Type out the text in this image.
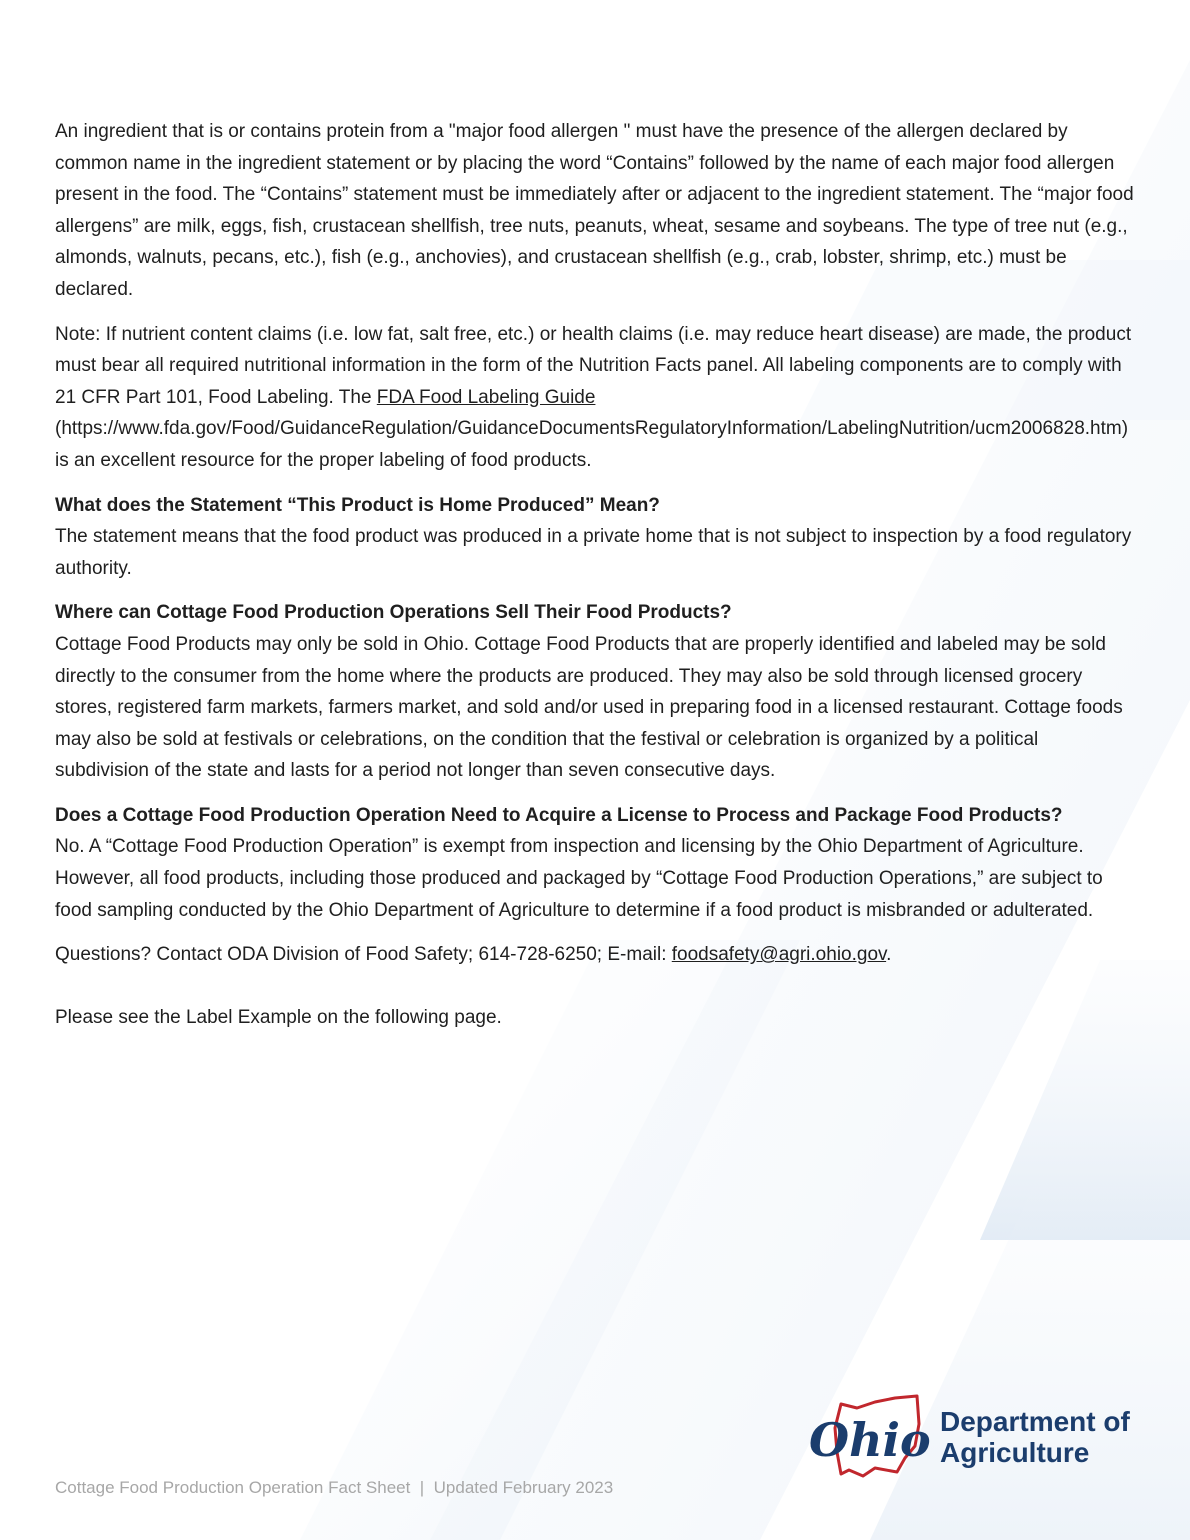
An ingredient that is or contains protein from a "major food allergen " must have the presence of the allergen declared by common name in the ingredient statement or by placing the word “Contains” followed by the name of each major food allergen present in the food. The “Contains” statement must be immediately after or adjacent to the ingredient statement. The “major food allergens” are milk, eggs, fish, crustacean shellfish, tree nuts, peanuts, wheat, sesame and soybeans. The type of tree nut (e.g., almonds, walnuts, pecans, etc.), fish (e.g., anchovies), and crustacean shellfish (e.g., crab, lobster, shrimp, etc.) must be declared.

Note: If nutrient content claims (i.e. low fat, salt free, etc.) or health claims (i.e. may reduce heart disease) are made, the product must bear all required nutritional information in the form of the Nutrition Facts panel. All labeling components are to comply with 21 CFR Part 101, Food Labeling. The FDA Food Labeling Guide (https://www.fda.gov/Food/GuidanceRegulation/GuidanceDocumentsRegulatoryInformation/LabelingNutrition/ucm2006828.htm) is an excellent resource for the proper labeling of food products.

What does the Statement “This Product is Home Produced” Mean?

The statement means that the food product was produced in a private home that is not subject to inspection by a food regulatory authority.

Where can Cottage Food Production Operations Sell Their Food Products?

Cottage Food Products may only be sold in Ohio. Cottage Food Products that are properly identified and labeled may be sold directly to the consumer from the home where the products are produced. They may also be sold through licensed grocery stores, registered farm markets, farmers market, and sold and/or used in preparing food in a licensed restaurant. Cottage foods may also be sold at festivals or celebrations, on the condition that the festival or celebration is organized by a political subdivision of the state and lasts for a period not longer than seven consecutive days.

Does a Cottage Food Production Operation Need to Acquire a License to Process and Package Food Products?

No. A “Cottage Food Production Operation” is exempt from inspection and licensing by the Ohio Department of Agriculture. However, all food products, including those produced and packaged by “Cottage Food Production Operations,” are subject to food sampling conducted by the Ohio Department of Agriculture to determine if a food product is misbranded or adulterated.

Questions? Contact ODA Division of Food Safety; 614-728-6250; E-mail: foodsafety@agri.ohio.gov.

Please see the Label Example on the following page.

Ohio Department of
Agriculture
Cottage Food Production Operation Fact Sheet  |  Updated February 2023
